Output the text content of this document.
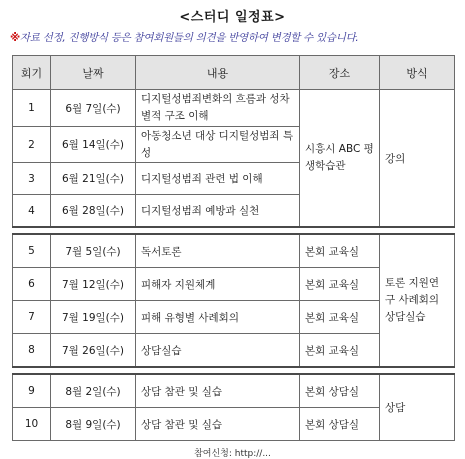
<스터디 일정표>
※자료 선정, 진행방식 등은 참여회원들의 의견을 반영하여 변경할 수 있습니다.
회기	날짜	내용	장소	방식
1	6월 7일(수)	디지털성범죄변화의 흐름과 성차별적 구조 이해	시흥시 ABC 평생학습관	강의
2	6월 14일(수)	아동청소년 대상 디지털성범죄 특성		
3	6월 21일(수)	디지털성범죄 관련 법 이해		
4	6월 28일(수)	디지털성범죄 예방과 실천		

5	7월 5일(수)	독서토론	본회 교육실	토론 지원연구 사례회의 상담실습
6	7월 12일(수)	피해자 지원체계	본회 교육실	
7	7월 19일(수)	피해 유형별 사례회의	본회 교육실	
8	7월 26일(수)	상담실습	본회 교육실	

9	8월 2일(수)	상담 참관 및 실습	본회 상담실	상담
10	8월 9일(수)	상담 참관 및 실습	본회 상담실	
참여신청: http://...
